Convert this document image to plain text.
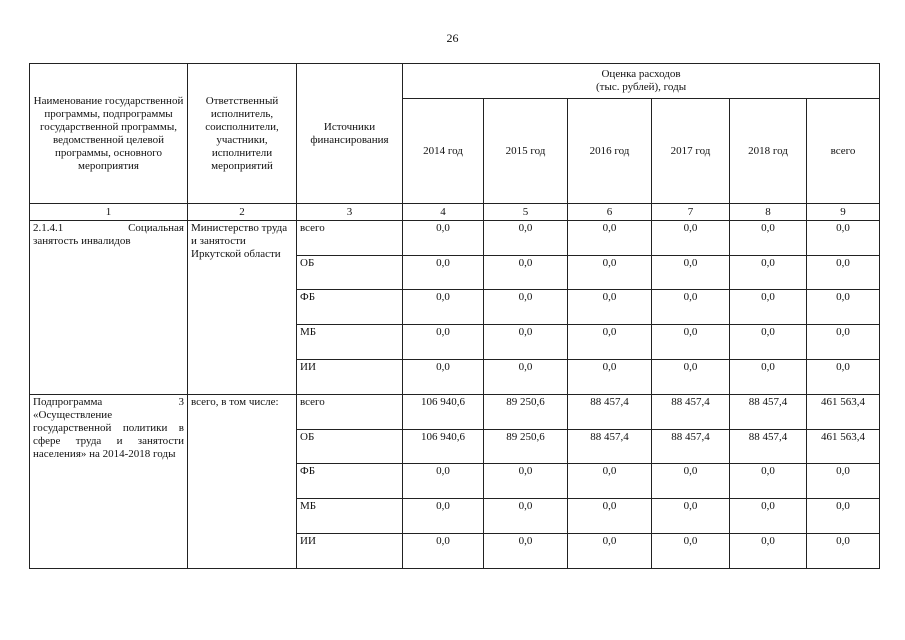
26
Наименование государственной программы, подпрограммы государственной программы, ведомственной целевой программы, основного мероприятия	Ответственный исполнитель, соисполнители, участники, исполнители мероприятий	Источники финансирования	Оценка расходов
(тыс. рублей), годы					

			2014 год	2015 год	2016 год	2017 год	2018 год	всего
1	2	3	4	5	6	7	8	9

2.1.4.1 Социальная
занятость инвалидов	Министерство труда и занятости Иркутской области	всего	0,0	0,0	0,0	0,0	0,0	0,0
		ОБ	0,0	0,0	0,0	0,0	0,0	0,0
		ФБ	0,0	0,0	0,0	0,0	0,0	0,0
		МБ	0,0	0,0	0,0	0,0	0,0	0,0
		ИИ	0,0	0,0	0,0	0,0	0,0	0,0

Подпрограмма 3
«Осуществление государственной политики в сфере труда и занятости населения» на 2014-2018 годы	всего, в том числе:	всего	106 940,6	89 250,6	88 457,4	88 457,4	88 457,4	461 563,4
		ОБ	106 940,6	89 250,6	88 457,4	88 457,4	88 457,4	461 563,4
		ФБ	0,0	0,0	0,0	0,0	0,0	0,0
		МБ	0,0	0,0	0,0	0,0	0,0	0,0
		ИИ	0,0	0,0	0,0	0,0	0,0	0,0
